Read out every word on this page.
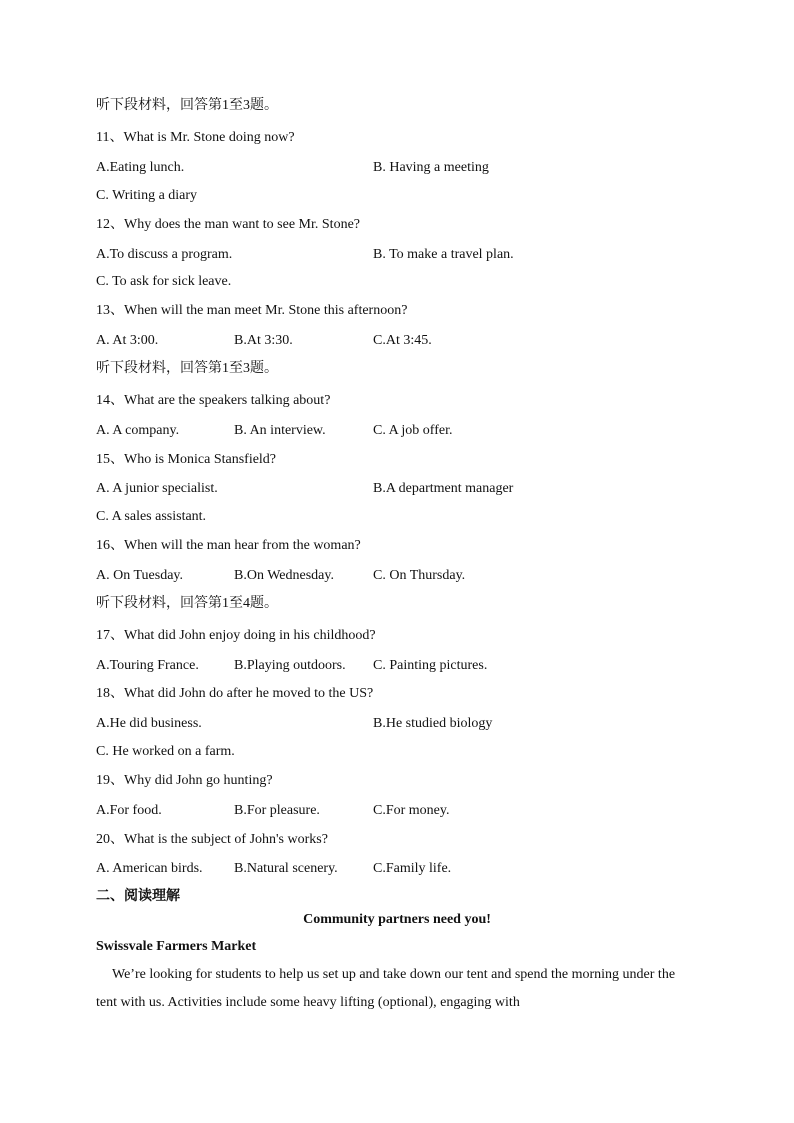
听下段材料，回答第1至3题。
11、What is Mr. Stone doing now?
A.Eating lunch.	B. Having a meeting
C. Writing a diary
12、Why does the man want to see Mr. Stone?
A.To discuss a program.	B. To make a travel plan.
C. To ask for sick leave.
13、When will the man meet Mr. Stone this afternoon?
A. At 3:00.	B.At 3:30.	C.At 3:45.
听下段材料，回答第1至3题。
14、What are the speakers talking about?
A. A company.	B. An interview.	C. A job offer.
15、Who is Monica Stansfield?
A. A junior specialist.	B.A department manager
C. A sales assistant.
16、When will the man hear from the woman?
A. On Tuesday.	B.On Wednesday.	C. On Thursday.
听下段材料，回答第1至4题。
17、What did John enjoy doing in his childhood?
A.Touring France.	B.Playing outdoors. C. Painting pictures.
18、What did John do after he moved to the US?
A.He did business.	B.He studied biology
C. He worked on a farm.
19、Why did John go hunting?
A.For food.	B.For pleasure.	C.For money.
20、What is the subject of John's works?
A. American birds. B.Natural scenery.	C.Family life.
二、阅读理解
Community partners need you!
Swissvale Farmers Market
We’re looking for students to help us set up and take down our tent and spend the morning under the tent with us. Activities include some heavy lifting (optional), engaging with
